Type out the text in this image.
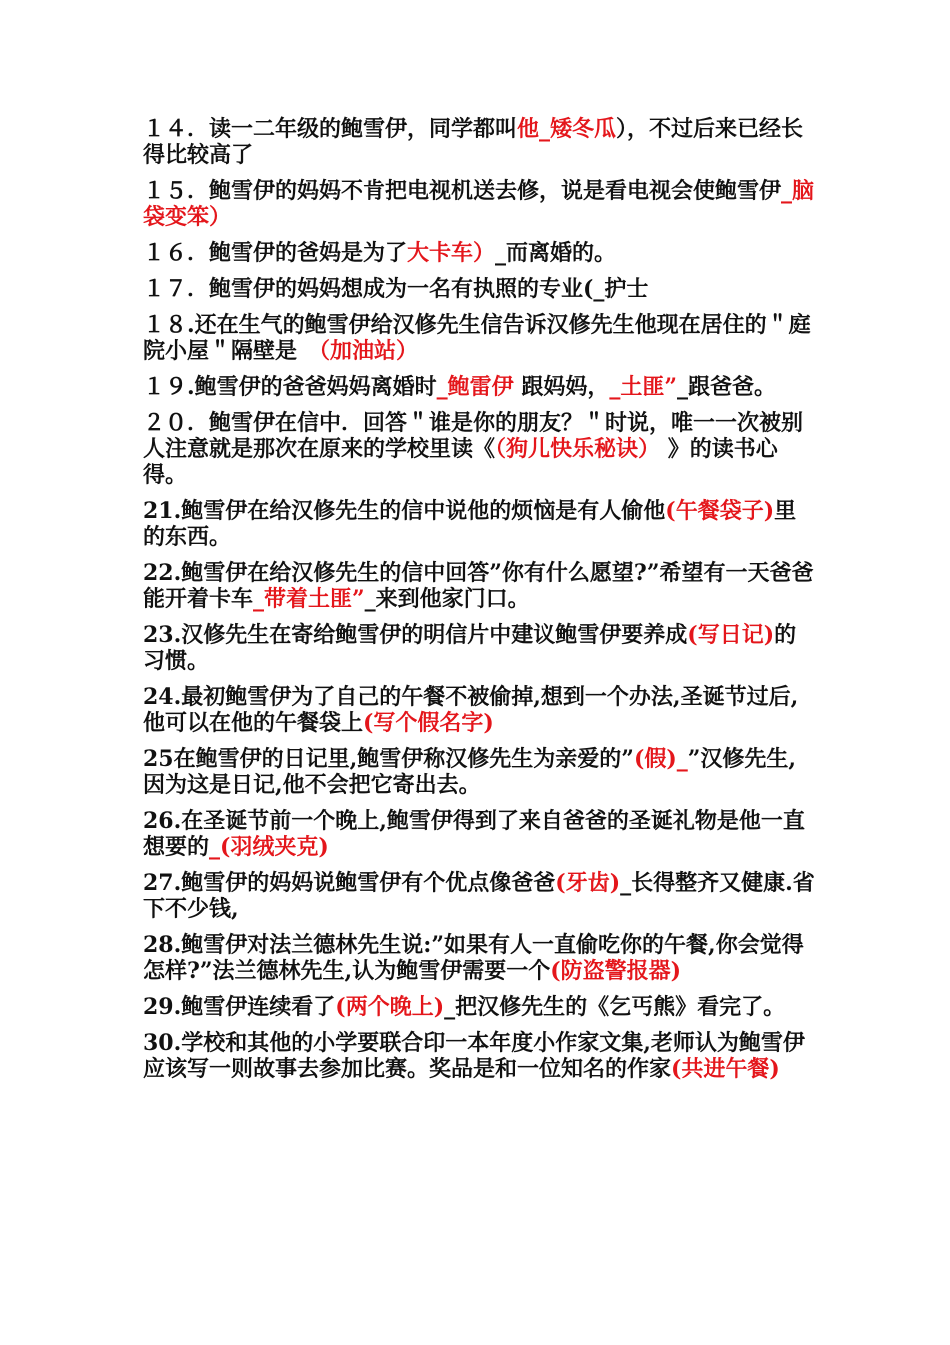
１４．读一二年级的鲍雪伊，同学都叫他_矮冬瓜），不过后来已经长得比较高了
１５．鲍雪伊的妈妈不肯把电视机送去修，说是看电视会使鲍雪伊_脑袋变笨）
１６．鲍雪伊的爸妈是为了大卡车）_而离婚的。
１７．鲍雪伊的妈妈想成为一名有执照的专业(_护士
１８.还在生气的鲍雪伊给汉修先生信告诉汉修先生他现在居住的＂庭院小屋＂隔壁是　（加油站）
１９.鲍雪伊的爸爸妈妈离婚时_鲍雷伊 跟妈妈，_土匪”_跟爸爸。
２０．鲍雪伊在信中．回答＂谁是你的朋友？＂时说，唯一一次被别人注意就是那次在原来的学校里读《（狗儿快乐秘诀） 》的读书心得。
21.鲍雪伊在给汉修先生的信中说他的烦恼是有人偷他(午餐袋子)里的东西。
22.鲍雪伊在给汉修先生的信中回答”你有什么愿望?”希望有一天爸爸能开着卡车_带着土匪”_来到他家门口。
23.汉修先生在寄给鲍雪伊的明信片中建议鲍雪伊要养成(写日记)的习惯。
24.最初鲍雪伊为了自己的午餐不被偷掉,想到一个办法,圣诞节过后,他可以在他的午餐袋上(写个假名字)
25在鲍雪伊的日记里,鲍雪伊称汉修先生为亲爱的”(假)_”汉修先生,因为这是日记,他不会把它寄出去。
26.在圣诞节前一个晚上,鲍雪伊得到了来自爸爸的圣诞礼物是他一直想要的_(羽绒夹克)
27.鲍雪伊的妈妈说鲍雪伊有个优点像爸爸(牙齿)_长得整齐又健康.省下不少钱,
28.鲍雪伊对法兰德林先生说:”如果有人一直偷吃你的午餐,你会觉得怎样?”法兰德林先生,认为鲍雪伊需要一个(防盗警报器)
29.鲍雪伊连续看了(两个晚上)_把汉修先生的《乞丐熊》看完了。
30.学校和其他的小学要联合印一本年度小作家文集,老师认为鲍雪伊应该写一则故事去参加比赛。奖品是和一位知名的作家(共进午餐)
